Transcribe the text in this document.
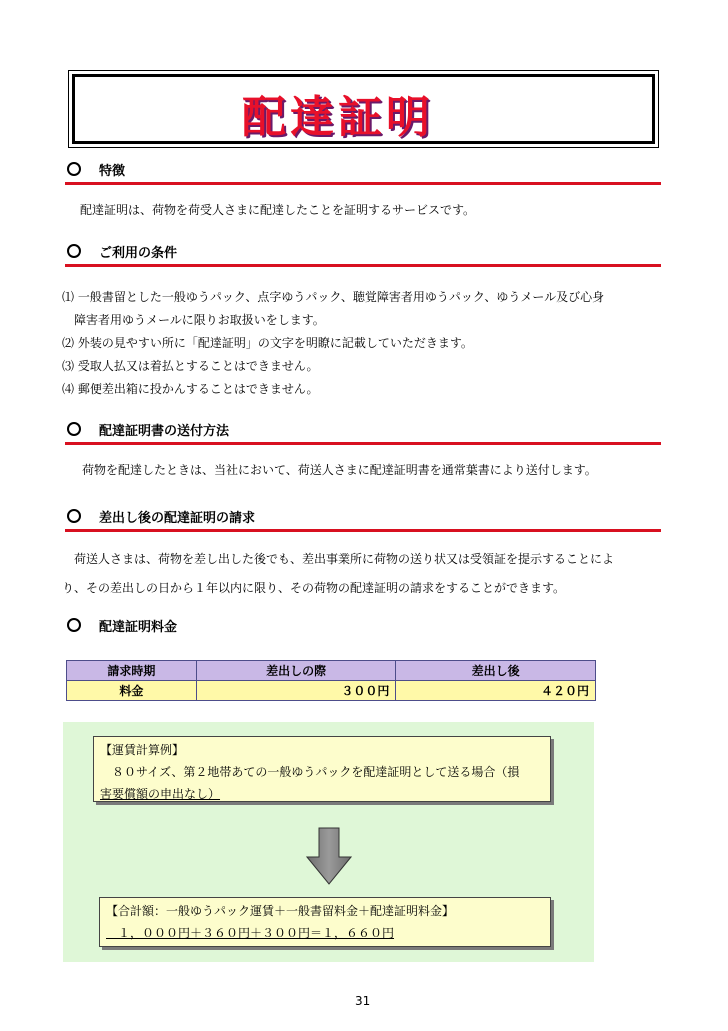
配達証明
特徴
配達証明は、荷物を荷受人さまに配達したことを証明するサービスです。
ご利用の条件
⑴ 一般書留とした一般ゆうパック、点字ゆうパック、聴覚障害者用ゆうパック、ゆうメール及び心身
　障害者用ゆうメールに限りお取扱いをします。
⑵ 外装の見やすい所に「配達証明」の文字を明瞭に記載していただきます。
⑶ 受取人払又は着払とすることはできません。
⑷ 郵便差出箱に投かんすることはできません。
配達証明書の送付方法
荷物を配達したときは、当社において、荷送人さまに配達証明書を通常葉書により送付します。
差出し後の配達証明の請求
　荷送人さまは、荷物を差し出した後でも、差出事業所に荷物の送り状又は受領証を提示することによ
り、その差出しの日から１年以内に限り、その荷物の配達証明の請求をすることができます。
配達証明料金
請求時期	差出しの際	差出し後
料金	３００円	４２０円
【運賃計算例】
　８０サイズ、第２地帯あての一般ゆうパックを配達証明として送る場合（損
害要償額の申出なし）
【合計額：一般ゆうパック運賃＋一般書留料金＋配達証明料金】
　１，０００円＋３６０円＋３００円＝１，６６０円
31
